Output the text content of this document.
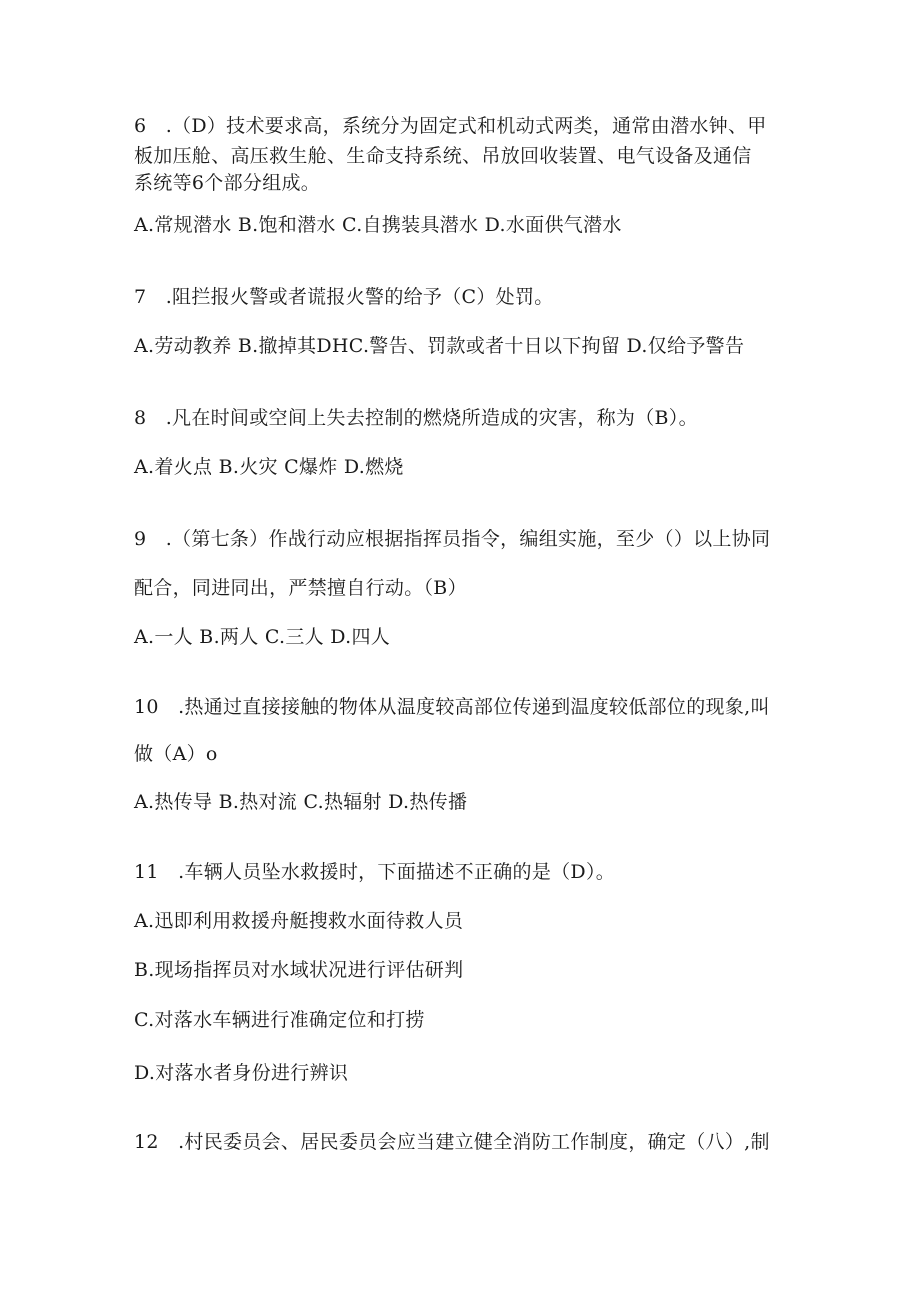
6　.（D）技术要求高，系统分为固定式和机动式两类，通常由潜水钟、甲
板加压舱、高压救生舱、生命支持系统、吊放回收装置、电气设备及通信
系统等6个部分组成。
A.常规潜水 B.饱和潜水 C.自携装具潜水 D.水面供气潜水
7　.阻拦报火警或者谎报火警的给予（C）处罚。
A.劳动教养 B.撤掉其DHC.警告、罚款或者十日以下拘留 D.仅给予警告
8　.凡在时间或空间上失去控制的燃烧所造成的灾害，称为（B）。
A.着火点 B.火灾 C爆炸 D.燃烧
9　.（第七条）作战行动应根据指挥员指令，编组实施，至少（）以上协同
配合，同进同出，严禁擅自行动。（B）
A.一人 B.两人 C.三人 D.四人
10　.热通过直接接触的物体从温度较高部位传递到温度较低部位的现象,叫
做（A）o
A.热传导 B.热对流 C.热辐射 D.热传播
11　.车辆人员坠水救援时，下面描述不正确的是（D）。
A.迅即利用救援舟艇搜救水面待救人员
B.现场指挥员对水域状况进行评估研判
C.对落水车辆进行准确定位和打捞
D.对落水者身份进行辨识
12　.村民委员会、居民委员会应当建立健全消防工作制度，确定（八）,制
